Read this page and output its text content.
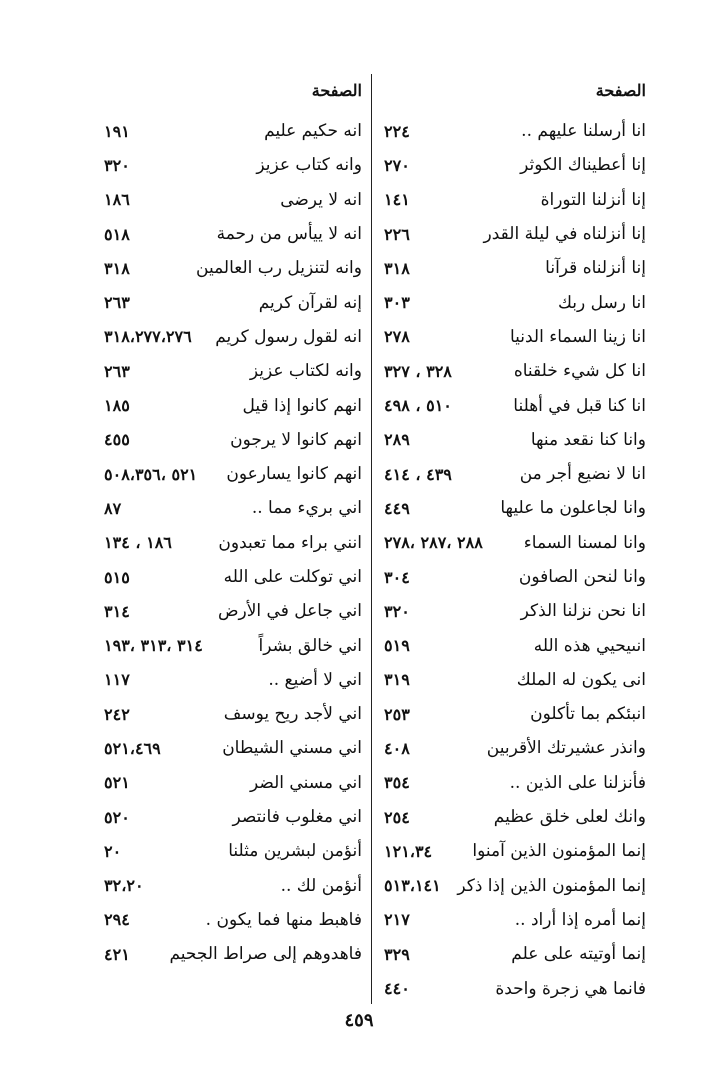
الصفحة
انا أرسلنا عليهم ..
٢٢٤
إنا أعطيناك الكوثر
٢٧٠
إنا أنزلنا التوراة
١٤١
إنا أنزلناه في ليلة القدر
٢٢٦
إنا أنزلناه قرآنا
٣١٨
انا رسل ربك
٣٠٣
انا زينا السماء الدنيا
٢٧٨
انا كل شيء خلقناه
٣٢٨ ، ٣٢٧
انا كنا قبل في أهلنا
٥١٠ ، ٤٩٨
وانا كنا نقعد منها
٢٨٩
انا لا نضيع أجر من
٤٣٩ ، ٤١٤
وانا لجاعلون ما عليها
٤٤٩
وانا لمسنا السماء
٢٨٨ ،٢٨٧ ،٢٧٨
وانا لنحن الصافون
٣٠٤
انا نحن نزلنا الذكر
٣٢٠
انىيحيي هذه الله
٥١٩
انى يكون له الملك
٣١٩
انبئكم بما تأكلون
٢٥٣
وانذر عشيرتك الأقربين
٤٠٨
فأنزلنا على الذين ..
٣٥٤
وانك لعلى خلق عظيم
٢٥٤
إنما المؤمنون الذين آمنوا
١٢١،٣٤
إنما المؤمنون الذين إذا ذكر
٥١٣،١٤١
إنما أمره إذا أراد ..
٢١٧
إنما أوتيته على علم
٣٢٩
فانما هي زجرة واحدة
٤٤٠
الصفحة
انه حكيم عليم
١٩١
وانه كتاب عزيز
٣٢٠
انه لا يرضى
١٨٦
انه لا ييأس من رحمة
٥١٨
وانه لتنزيل رب العالمين
٣١٨
إنه لقرآن كريم
٢٦٣
انه لقول رسول كريم
٣١٨،٢٧٧،٢٧٦
وانه لكتاب عزيز
٢٦٣
انهم كانوا إذا قيل
١٨٥
انهم كانوا لا يرجون
٤٥٥
انهم كانوا يسارعون
٥٢١ ،٥٠٨،٣٥٦
اني بريء مما ..
٨٧
انني براء مما تعبدون
١٨٦ ، ١٣٤
اني توكلت على الله
٥١٥
اني جاعل في الأرض
٣١٤
اني خالق بشراً
٣١٤ ،٣١٣ ،١٩٣
اني لا أضيع ..
١١٧
اني لأجد ريح يوسف
٢٤٢
اني مسني الشيطان
٥٢١،٤٦٩
اني مسني الضر
٥٢١
اني مغلوب فانتصر
٥٢٠
أنؤمن لبشرين مثلنا
٢٠
أنؤمن لك ..
٣٢،٢٠
فاهبط منها فما يكون .
٢٩٤
فاهدوهم إلى صراط الجحيم
٤٢١
٤٥٩
